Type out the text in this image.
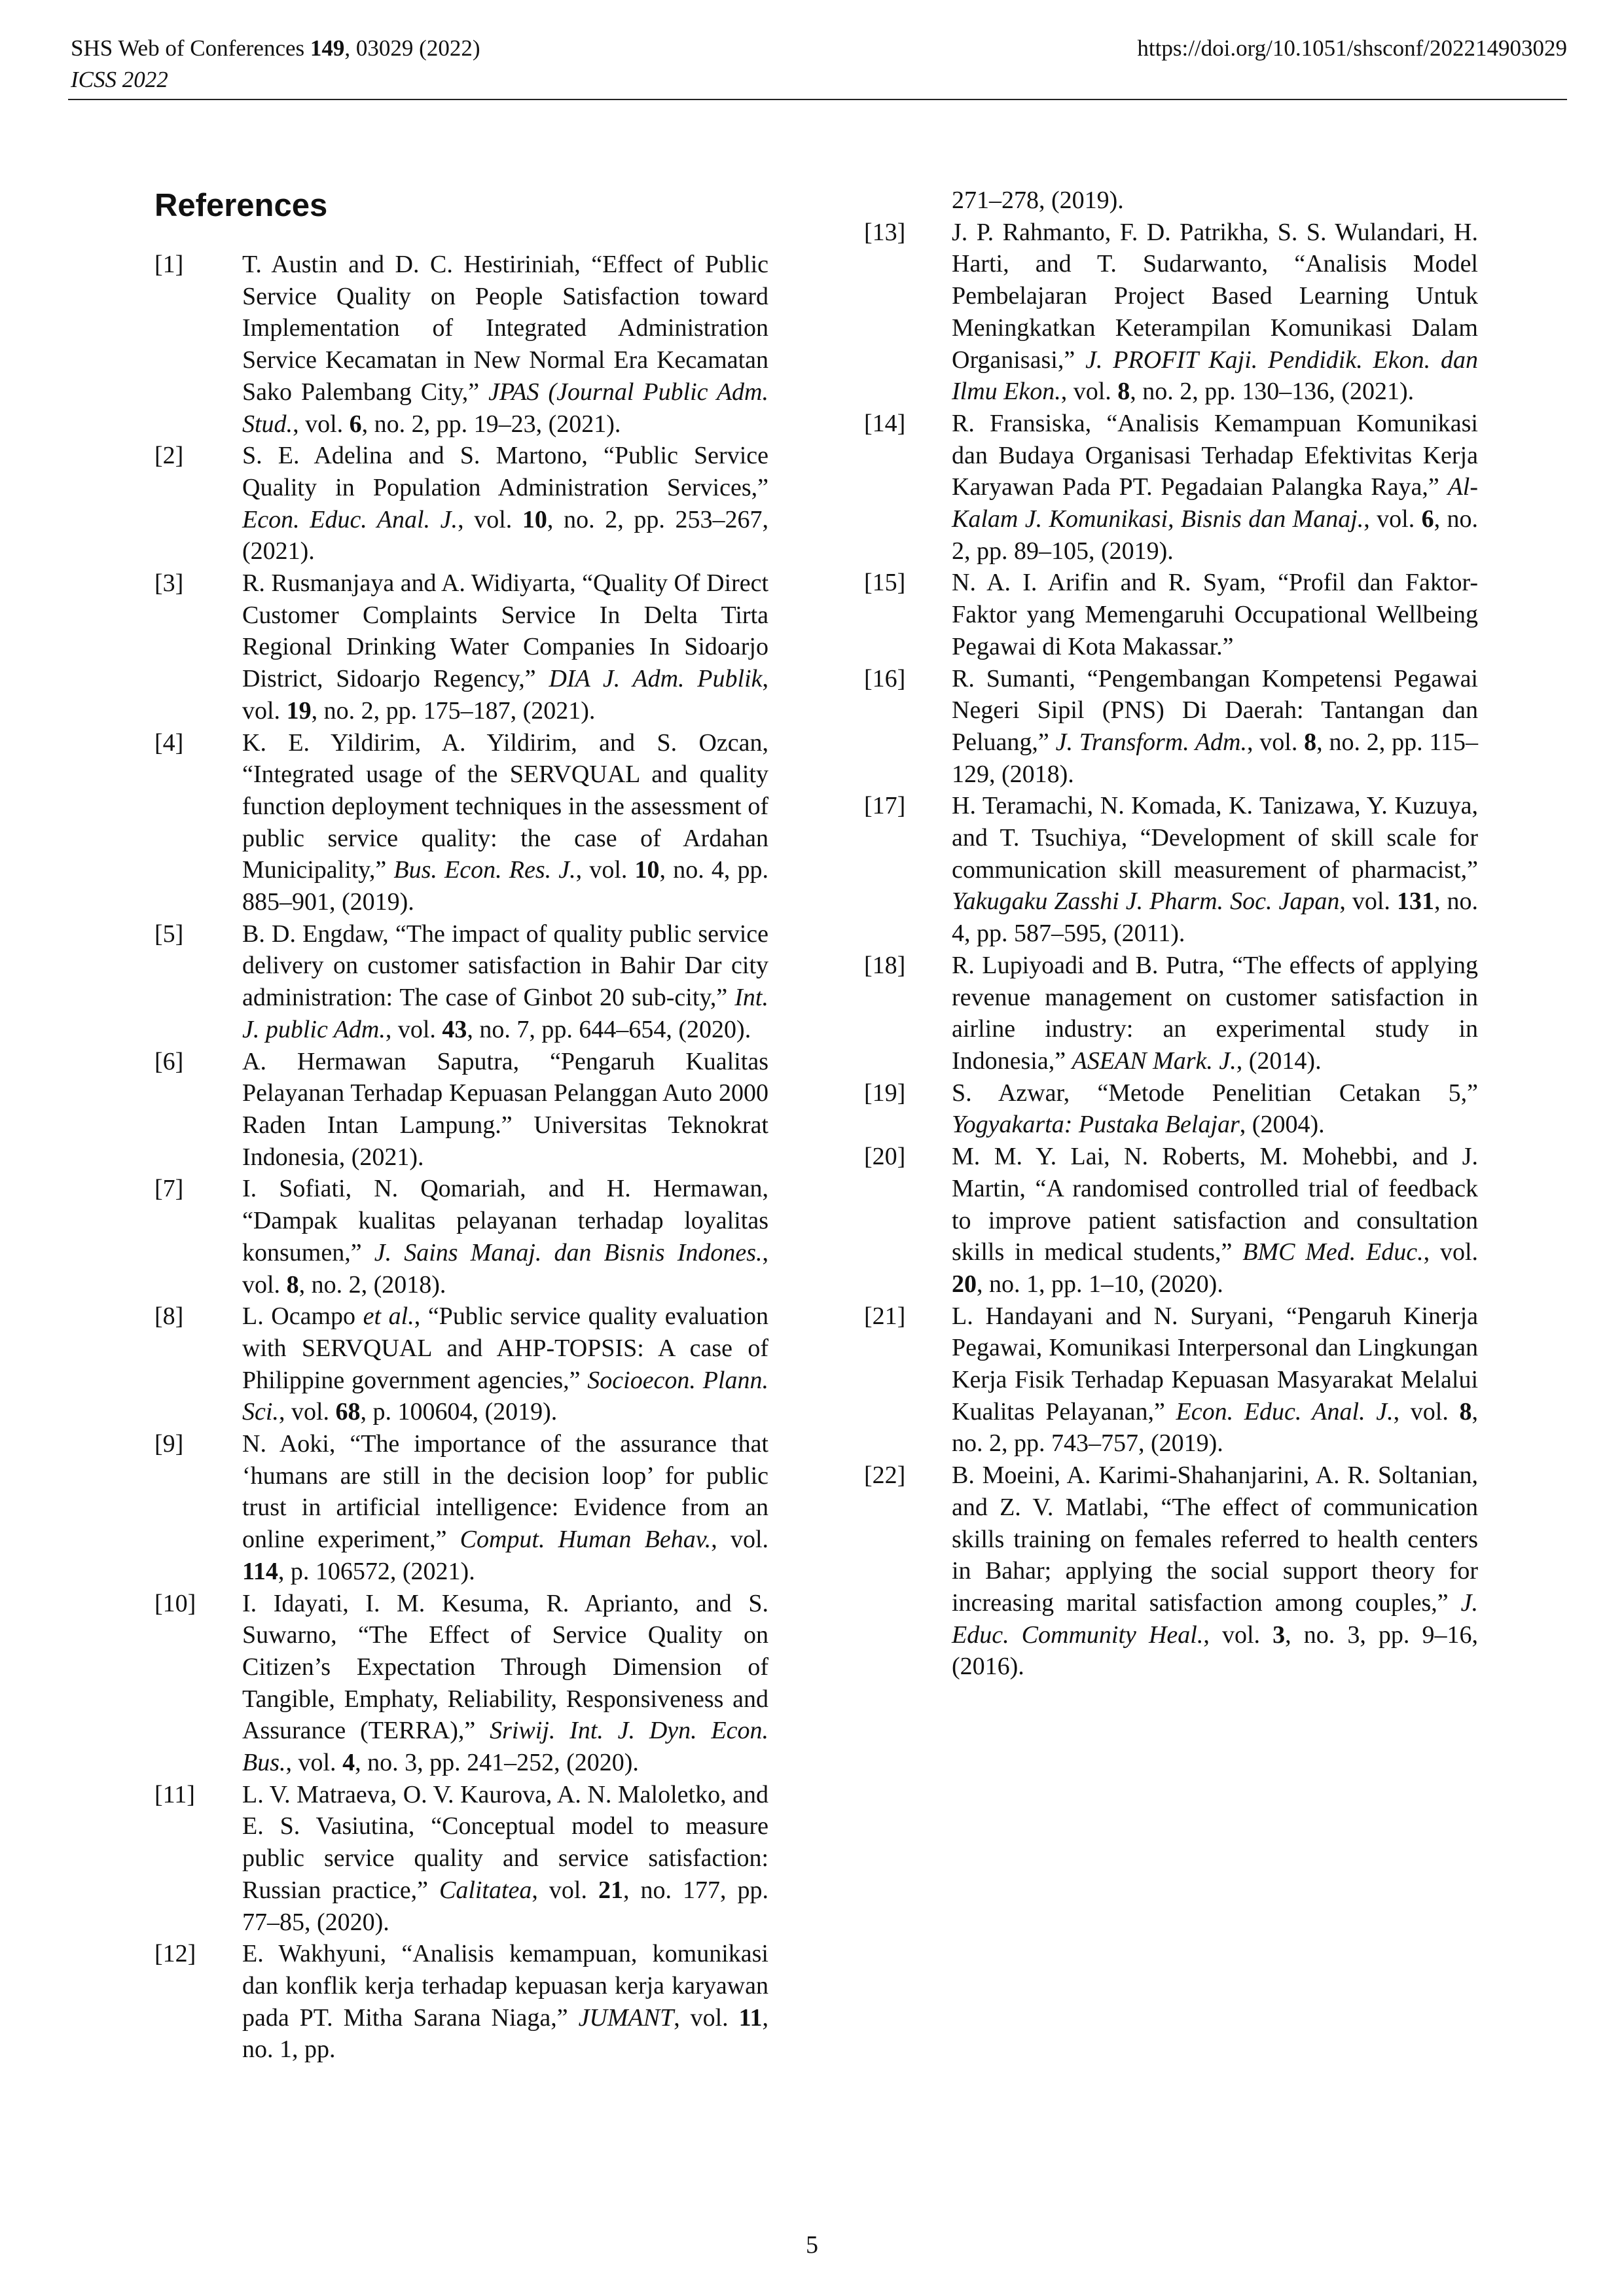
SHS Web of Conferences 149, 03029 (2022)
ICSS 2022
https://doi.org/10.1051/shsconf/202214903029
References
[1]	T. Austin and D. C. Hestiriniah, “Effect of Public Service Quality on People Satisfaction toward Implementation of Integrated Administration Service Kecamatan in New Normal Era Kecamatan Sako Palembang City,” JPAS (Journal Public Adm. Stud., vol. 6, no. 2, pp. 19–23, (2021).
[2]	S. E. Adelina and S. Martono, “Public Service Quality in Population Administration Services,” Econ. Educ. Anal. J., vol. 10, no. 2, pp. 253–267, (2021).
[3]	R. Rusmanjaya and A. Widiyarta, “Quality Of Direct Customer Complaints Service In Delta Tirta Regional Drinking Water Companies In Sidoarjo District, Sidoarjo Regency,” DIA J. Adm. Publik, vol. 19, no. 2, pp. 175–187, (2021).
[4]	K. E. Yildirim, A. Yildirim, and S. Ozcan, “Integrated usage of the SERVQUAL and quality function deployment techniques in the assessment of public service quality: the case of Ardahan Municipality,” Bus. Econ. Res. J., vol. 10, no. 4, pp. 885–901, (2019).
[5]	B. D. Engdaw, “The impact of quality public service delivery on customer satisfaction in Bahir Dar city administration: The case of Ginbot 20 sub-city,” Int. J. public Adm., vol. 43, no. 7, pp. 644–654, (2020).
[6]	A. Hermawan Saputra, “Pengaruh Kualitas Pelayanan Terhadap Kepuasan Pelanggan Auto 2000 Raden Intan Lampung.” Universitas Teknokrat Indonesia, (2021).
[7]	I. Sofiati, N. Qomariah, and H. Hermawan, “Dampak kualitas pelayanan terhadap loyalitas konsumen,” J. Sains Manaj. dan Bisnis Indones., vol. 8, no. 2, (2018).
[8]	L. Ocampo et al., “Public service quality evaluation with SERVQUAL and AHP-TOPSIS: A case of Philippine government agencies,” Socioecon. Plann. Sci., vol. 68, p. 100604, (2019).
[9]	N. Aoki, “The importance of the assurance that ‘humans are still in the decision loop’ for public trust in artificial intelligence: Evidence from an online experiment,” Comput. Human Behav., vol. 114, p. 106572, (2021).
[10]	I. Idayati, I. M. Kesuma, R. Aprianto, and S. Suwarno, “The Effect of Service Quality on Citizen’s Expectation Through Dimension of Tangible, Emphaty, Reliability, Responsiveness and Assurance (TERRA),” Sriwij. Int. J. Dyn. Econ. Bus., vol. 4, no. 3, pp. 241–252, (2020).
[11]	L. V. Matraeva, O. V. Kaurova, A. N. Maloletko, and E. S. Vasiutina, “Conceptual model to measure public service quality and service satisfaction: Russian practice,” Calitatea, vol. 21, no. 177, pp. 77–85, (2020).
[12]	E. Wakhyuni, “Analisis kemampuan, komunikasi dan konflik kerja terhadap kepuasan kerja karyawan pada PT. Mitha Sarana Niaga,” JUMANT, vol. 11, no. 1, pp.
271–278, (2019).
[13]	J. P. Rahmanto, F. D. Patrikha, S. S. Wulandari, H. Harti, and T. Sudarwanto, “Analisis Model Pembelajaran Project Based Learning Untuk Meningkatkan Keterampilan Komunikasi Dalam Organisasi,” J. PROFIT Kaji. Pendidik. Ekon. dan Ilmu Ekon., vol. 8, no. 2, pp. 130–136, (2021).
[14]	R. Fransiska, “Analisis Kemampuan Komunikasi dan Budaya Organisasi Terhadap Efektivitas Kerja Karyawan Pada PT. Pegadaian Palangka Raya,” Al-Kalam J. Komunikasi, Bisnis dan Manaj., vol. 6, no. 2, pp. 89–105, (2019).
[15]	N. A. I. Arifin and R. Syam, “Profil dan Faktor-Faktor yang Memengaruhi Occupational Wellbeing Pegawai di Kota Makassar.”
[16]	R. Sumanti, “Pengembangan Kompetensi Pegawai Negeri Sipil (PNS) Di Daerah: Tantangan dan Peluang,” J. Transform. Adm., vol. 8, no. 2, pp. 115–129, (2018).
[17]	H. Teramachi, N. Komada, K. Tanizawa, Y. Kuzuya, and T. Tsuchiya, “Development of skill scale for communication skill measurement of pharmacist,” Yakugaku Zasshi J. Pharm. Soc. Japan, vol. 131, no. 4, pp. 587–595, (2011).
[18]	R. Lupiyoadi and B. Putra, “The effects of applying revenue management on customer satisfaction in airline industry: an experimental study in Indonesia,” ASEAN Mark. J., (2014).
[19]	S. Azwar, “Metode Penelitian Cetakan 5,” Yogyakarta: Pustaka Belajar, (2004).
[20]	M. M. Y. Lai, N. Roberts, M. Mohebbi, and J. Martin, “A randomised controlled trial of feedback to improve patient satisfaction and consultation skills in medical students,” BMC Med. Educ., vol. 20, no. 1, pp. 1–10, (2020).
[21]	L. Handayani and N. Suryani, “Pengaruh Kinerja Pegawai, Komunikasi Interpersonal dan Lingkungan Kerja Fisik Terhadap Kepuasan Masyarakat Melalui Kualitas Pelayanan,” Econ. Educ. Anal. J., vol. 8, no. 2, pp. 743–757, (2019).
[22]	B. Moeini, A. Karimi-Shahanjarini, A. R. Soltanian, and Z. V. Matlabi, “The effect of communication skills training on females referred to health centers in Bahar; applying the social support theory for increasing marital satisfaction among couples,” J. Educ. Community Heal., vol. 3, no. 3, pp. 9–16, (2016).
5
